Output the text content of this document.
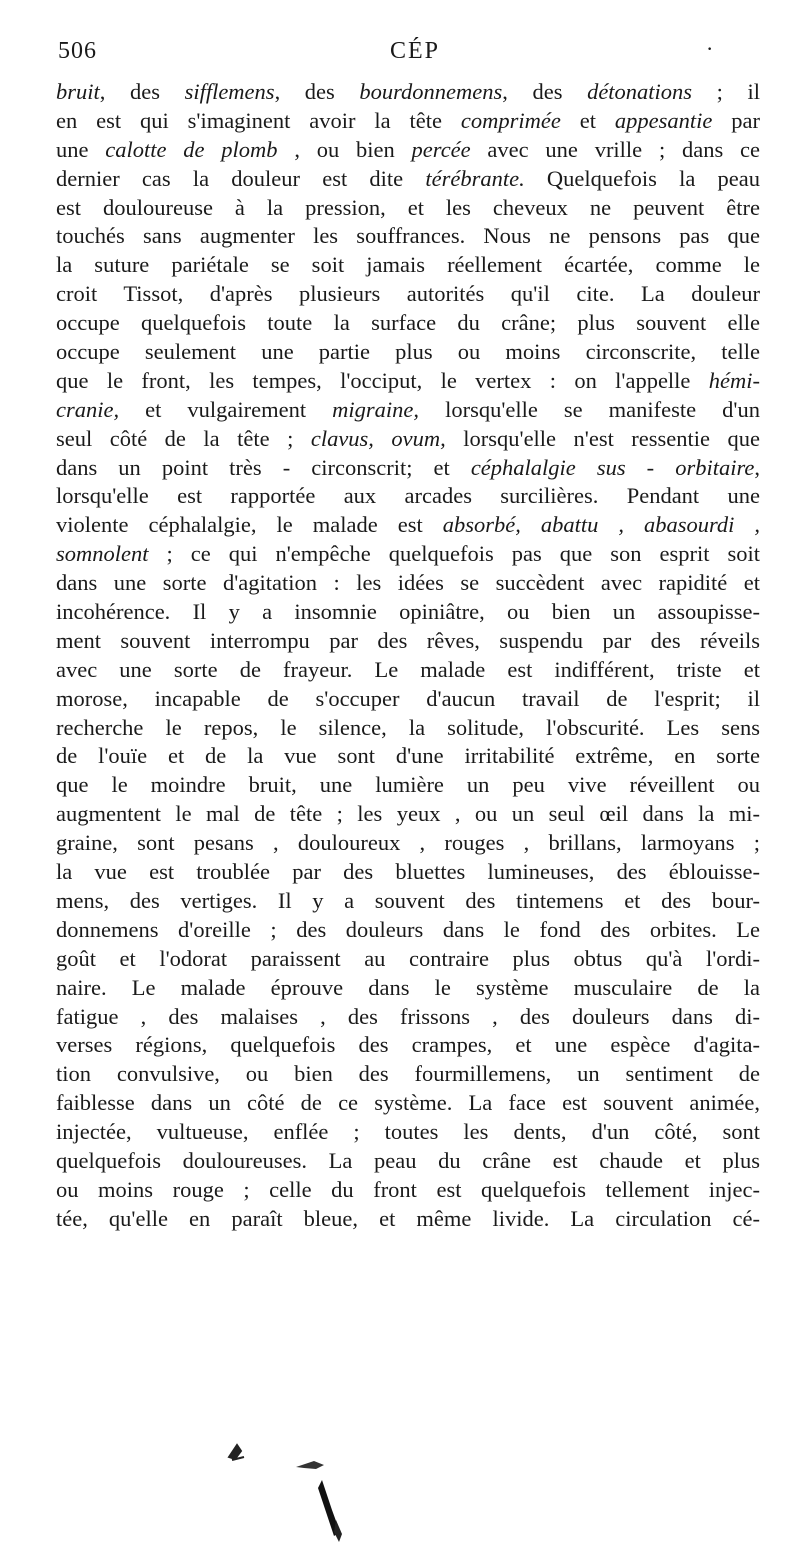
506	CÉP	·
bruit, des sifflemens, des bourdonnemens, des détonations ; il
en est qui s'imaginent avoir la tête comprimée et appesantie par
une calotte de plomb , ou bien percée avec une vrille ; dans ce
dernier cas la douleur est dite térébrante. Quelquefois la peau
est douloureuse à la pression, et les cheveux ne peuvent être
touchés sans augmenter les souffrances. Nous ne pensons pas que
la suture pariétale se soit jamais réellement écartée, comme le
croit Tissot, d'après plusieurs autorités qu'il cite. La douleur
occupe quelquefois toute la surface du crâne; plus souvent elle
occupe seulement une partie plus ou moins circonscrite, telle
que le front, les tempes, l'occiput, le vertex : on l'appelle hémi-
cranie, et vulgairement migraine, lorsqu'elle se manifeste d'un
seul côté de la tête ; clavus, ovum, lorsqu'elle n'est ressentie que
dans un point très - circonscrit; et céphalalgie sus - orbitaire,
lorsqu'elle est rapportée aux arcades surcilières. Pendant une
violente céphalalgie, le malade est absorbé, abattu , abasourdi ,
somnolent ; ce qui n'empêche quelquefois pas que son esprit soit
dans une sorte d'agitation : les idées se succèdent avec rapidité et
incohérence. Il y a insomnie opiniâtre, ou bien un assoupisse-
ment souvent interrompu par des rêves, suspendu par des réveils
avec une sorte de frayeur. Le malade est indifférent, triste et
morose, incapable de s'occuper d'aucun travail de l'esprit; il
recherche le repos, le silence, la solitude, l'obscurité. Les sens
de l'ouïe et de la vue sont d'une irritabilité extrême, en sorte
que le moindre bruit, une lumière un peu vive réveillent ou
augmentent le mal de tête ; les yeux , ou un seul œil dans la mi-
graine, sont pesans , douloureux , rouges , brillans, larmoyans ;
la vue est troublée par des bluettes lumineuses, des éblouisse-
mens, des vertiges. Il y a souvent des tintemens et des bour-
donnemens d'oreille ; des douleurs dans le fond des orbites. Le
goût et l'odorat paraissent au contraire plus obtus qu'à l'ordi-
naire. Le malade éprouve dans le système musculaire de la
fatigue , des malaises , des frissons , des douleurs dans di-
verses régions, quelquefois des crampes, et une espèce d'agita-
tion convulsive, ou bien des fourmillemens, un sentiment de
faiblesse dans un côté de ce système. La face est souvent animée,
injectée, vultueuse, enflée ; toutes les dents, d'un côté, sont
quelquefois douloureuses. La peau du crâne est chaude et plus
ou moins rouge ; celle du front est quelquefois tellement injec-
tée, qu'elle en paraît bleue, et même livide. La circulation cé-
